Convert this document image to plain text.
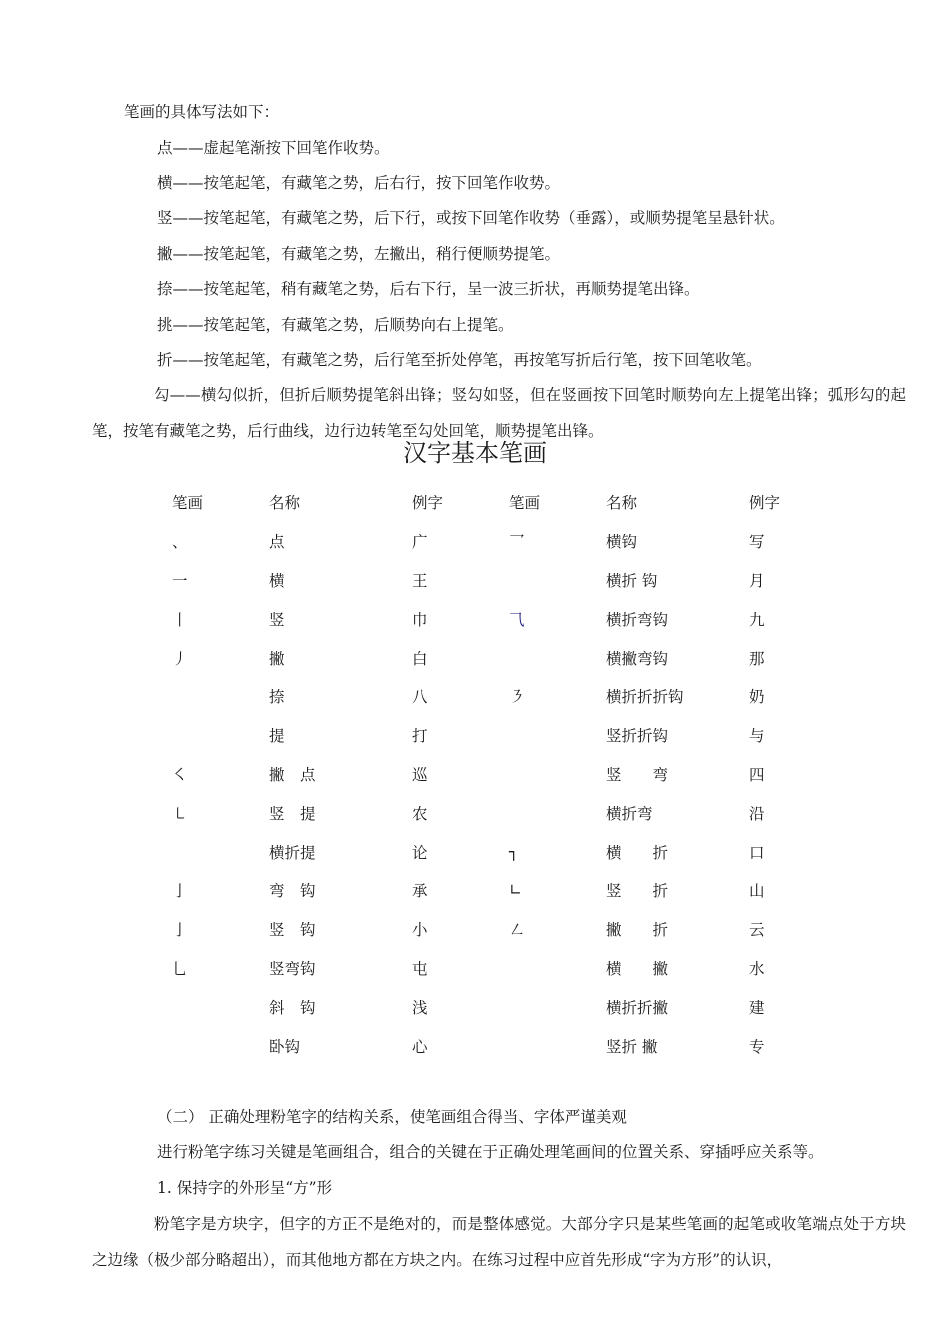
笔画的具体写法如下：
点——虚起笔渐按下回笔作收势。
横——按笔起笔，有藏笔之势，后右行，按下回笔作收势。
竖——按笔起笔，有藏笔之势，后下行，或按下回笔作收势（垂露），或顺势提笔呈悬针状。
撇——按笔起笔，有藏笔之势，左撇出，稍行便顺势提笔。
捺——按笔起笔，稍有藏笔之势，后右下行，呈一波三折状，再顺势提笔出锋。
挑——按笔起笔，有藏笔之势，后顺势向右上提笔。
折——按笔起笔，有藏笔之势，后行笔至折处停笔，再按笔写折后行笔，按下回笔收笔。
勾——横勾似折，但折后顺势提笔斜出锋；竖勾如竖，但在竖画按下回笔时顺势向左上提笔出锋；弧形勾的起笔，按笔有藏笔之势，后行曲线，边行边转笔至勾处回笔，顺势提笔出锋。
汉字基本笔画
笔画	名称	例字	笔画	名称	例字
、	点	广	乛	横钩	写
一	横	王		横折 钩	月
丨	竖	巾	⺄	横折弯钩	九
丿	撇	白		横撇弯钩	那
	捺	八	㇋	横折折折钩	奶
	提	打		竖折折钩	与
㇛	撇　点	巡		竖　　弯	四
㇄	竖　提	农		横折弯	沿
	横折提	论	┐	横　　折	口
亅	弯　钩	承	∟	竖　　折	山
亅	竖　钩	小	㇜	撇　　折	云
乚	竖弯钩	屯		横　　撇	水
	斜　钩	浅		横折折撇	建
	卧钩	心		竖折 撇	专
（二） 正确处理粉笔字的结构关系，使笔画组合得当、字体严谨美观
进行粉笔字练习关键是笔画组合，组合的关键在于正确处理笔画间的位置关系、穿插呼应关系等。
1. 保持字的外形呈“方”形
粉笔字是方块字，但字的方正不是绝对的，而是整体感觉。大部分字只是某些笔画的起笔或收笔端点处于方块之边缘（极少部分略超出），而其他地方都在方块之内。在练习过程中应首先形成“字为方形”的认识，
